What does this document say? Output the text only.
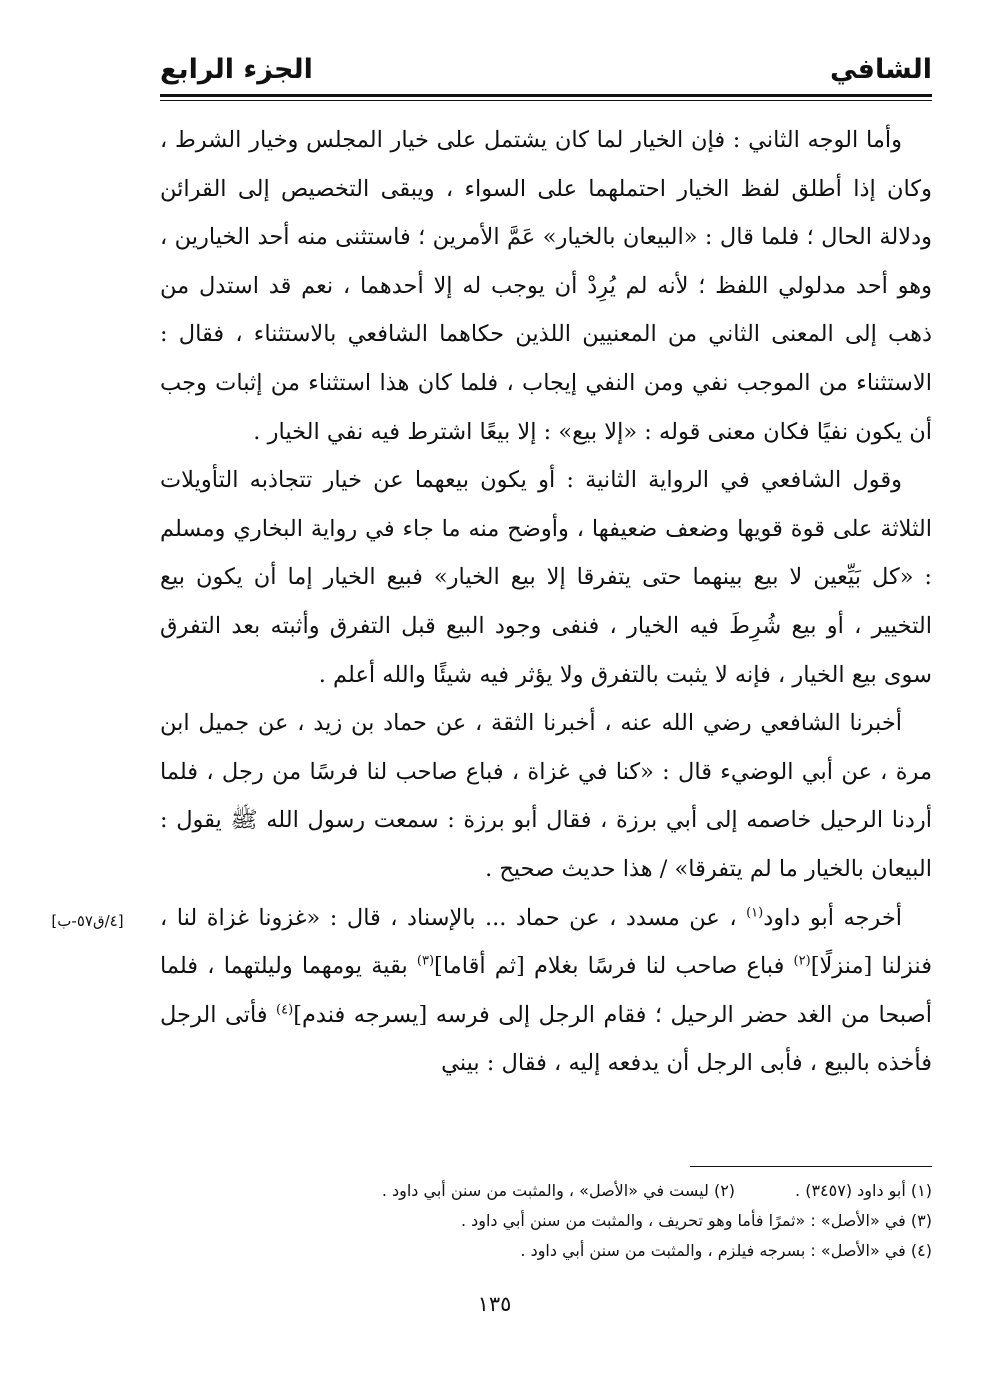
الشافي
الجزء الرابع

وأما الوجه الثاني : فإن الخيار لما كان يشتمل على خيار المجلس وخيار الشرط ، وكان إذا أطلق لفظ الخيار احتملهما على السواء ، ويبقى التخصيص إلى القرائن ودلالة الحال ؛ فلما قال : «البيعان بالخيار» عَمَّ الأمرين ؛ فاستثنى منه أحد الخيارين ، وهو أحد مدلولي اللفظ ؛ لأنه لم يُرِدْ أن يوجب له إلا أحدهما ، نعم قد استدل من ذهب إلى المعنى الثاني من المعنيين اللذين حكاهما الشافعي بالاستثناء ، فقال : الاستثناء من الموجب نفي ومن النفي إيجاب ، فلما كان هذا استثناء من إثبات وجب أن يكون نفيًا فكان معنى قوله : «إلا بيع» : إلا بيعًا اشترط فيه نفي الخيار .

وقول الشافعي في الرواية الثانية : أو يكون بيعهما عن خيار تتجاذبه التأويلات الثلاثة على قوة قويها وضعف ضعيفها ، وأوضح منه ما جاء في رواية البخاري ومسلم : «كل بَيِّعين لا بيع بينهما حتى يتفرقا إلا بيع الخيار» فبيع الخيار إما أن يكون بيع التخيير ، أو بيع شُرِطَ فيه الخيار ، فنفى وجود البيع قبل التفرق وأثبته بعد التفرق سوى بيع الخيار ، فإنه لا يثبت بالتفرق ولا يؤثر فيه شيئًا والله أعلم .

أخبرنا الشافعي رضي الله عنه ، أخبرنا الثقة ، عن حماد بن زيد ، عن جميل ابن مرة ، عن أبي الوضيء قال : «كنا في غزاة ، فباع صاحب لنا فرسًا من رجل ، فلما أردنا الرحيل خاصمه إلى أبي برزة ، فقال أبو برزة : سمعت رسول الله ﷺ يقول : البيعان بالخيار ما لم يتفرقا» / هذا حديث صحيح .

أخرجه أبو داود$^{(١)}$ ، عن مسدد ، عن حماد ... بالإسناد ، قال : «غزونا غزاة لنا ، فنزلنا [منزلًا]$^{(٢)}$ فباع صاحب لنا فرسًا بغلام [ثم أقاما]$^{(٣)}$ بقية يومهما وليلتهما ، فلما أصبحا من الغد حضر الرحيل ؛ فقام الرجل إلى فرسه [يسرجه فندم]$^{(٤)}$ فأتى الرجل فأخذه بالبيع ، فأبى الرجل أن يدفعه إليه ، فقال : بيني

[٤/ق٥٧-ب]
(١) أبو داود (٣٤٥٧) .(٢) ليست في «الأصل» ، والمثبت من سنن أبي داود .
(٣) في «الأصل» : «ثمرًا فأما وهو تحريف ، والمثبت من سنن أبي داود .
(٤) في «الأصل» : بسرجه فيلزم ، والمثبت من سنن أبي داود .
١٣٥
